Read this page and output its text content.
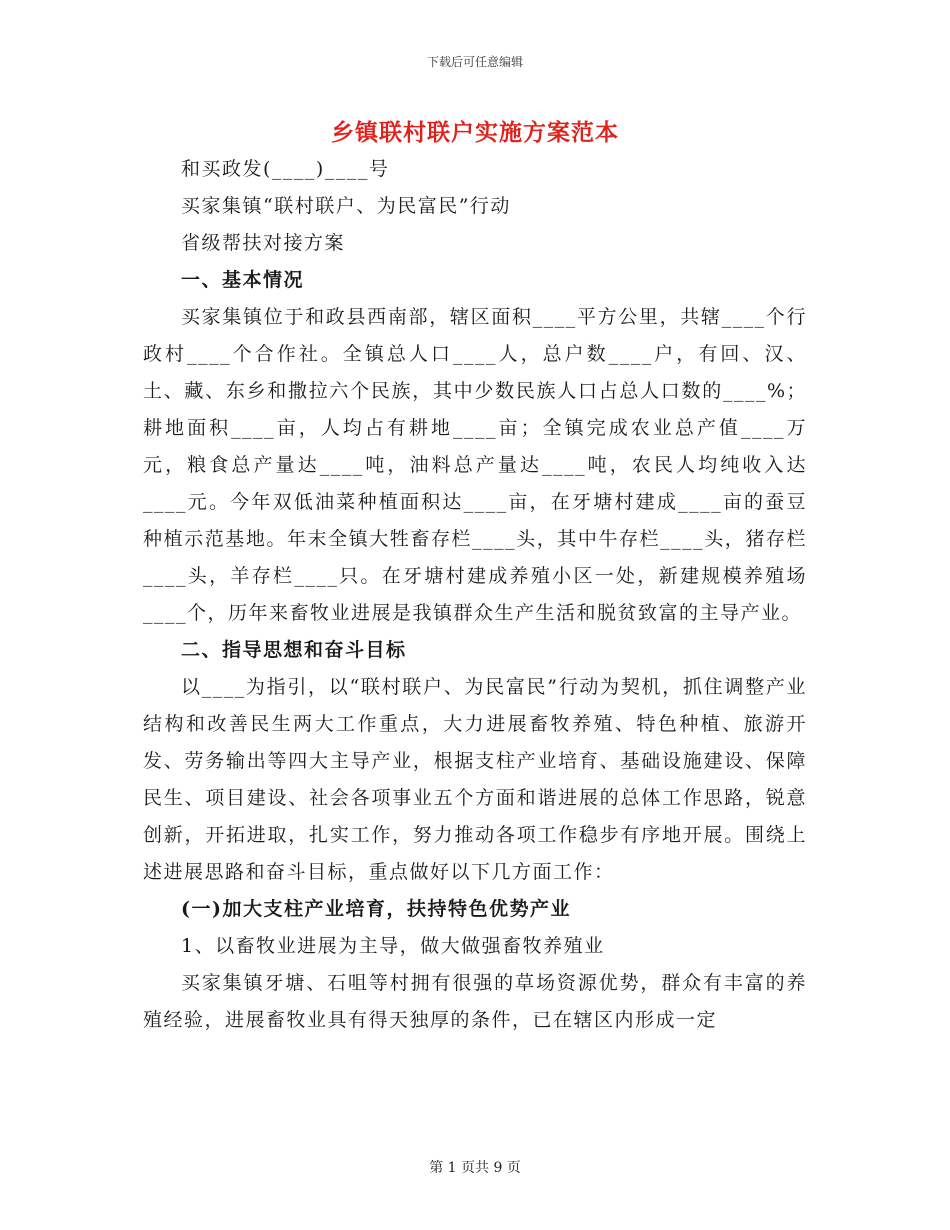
下载后可任意编辑
乡镇联村联户实施方案范本

和买政发(____)____号

买家集镇“联村联户、为民富民”行动

省级帮扶对接方案

一、基本情况

买家集镇位于和政县西南部，辖区面积____平方公里，共辖____个行政村____个合作社。全镇总人口____人，总户数____户，有回、汉、土、藏、东乡和撒拉六个民族，其中少数民族人口占总人口数的____%；耕地面积____亩，人均占有耕地____亩；全镇完成农业总产值____万元，粮食总产量达____吨，油料总产量达____吨，农民人均纯收入达____元。今年双低油菜种植面积达____亩，在牙塘村建成____亩的蚕豆种植示范基地。年末全镇大牲畜存栏____头，其中牛存栏____头，猪存栏____头，羊存栏____只。在牙塘村建成养殖小区一处，新建规模养殖场____个，历年来畜牧业进展是我镇群众生产生活和脱贫致富的主导产业。

二、指导思想和奋斗目标

以____为指引，以“联村联户、为民富民”行动为契机，抓住调整产业结构和改善民生两大工作重点，大力进展畜牧养殖、特色种植、旅游开发、劳务输出等四大主导产业，根据支柱产业培育、基础设施建设、保障民生、项目建设、社会各项事业五个方面和谐进展的总体工作思路，锐意创新，开拓进取，扎实工作，努力推动各项工作稳步有序地开展。围绕上述进展思路和奋斗目标，重点做好以下几方面工作：

(一)加大支柱产业培育，扶持特色优势产业

1、以畜牧业进展为主导，做大做强畜牧养殖业

买家集镇牙塘、石咀等村拥有很强的草场资源优势，群众有丰富的养殖经验，进展畜牧业具有得天独厚的条件，已在辖区内形成一定

第 1 页共 9 页
